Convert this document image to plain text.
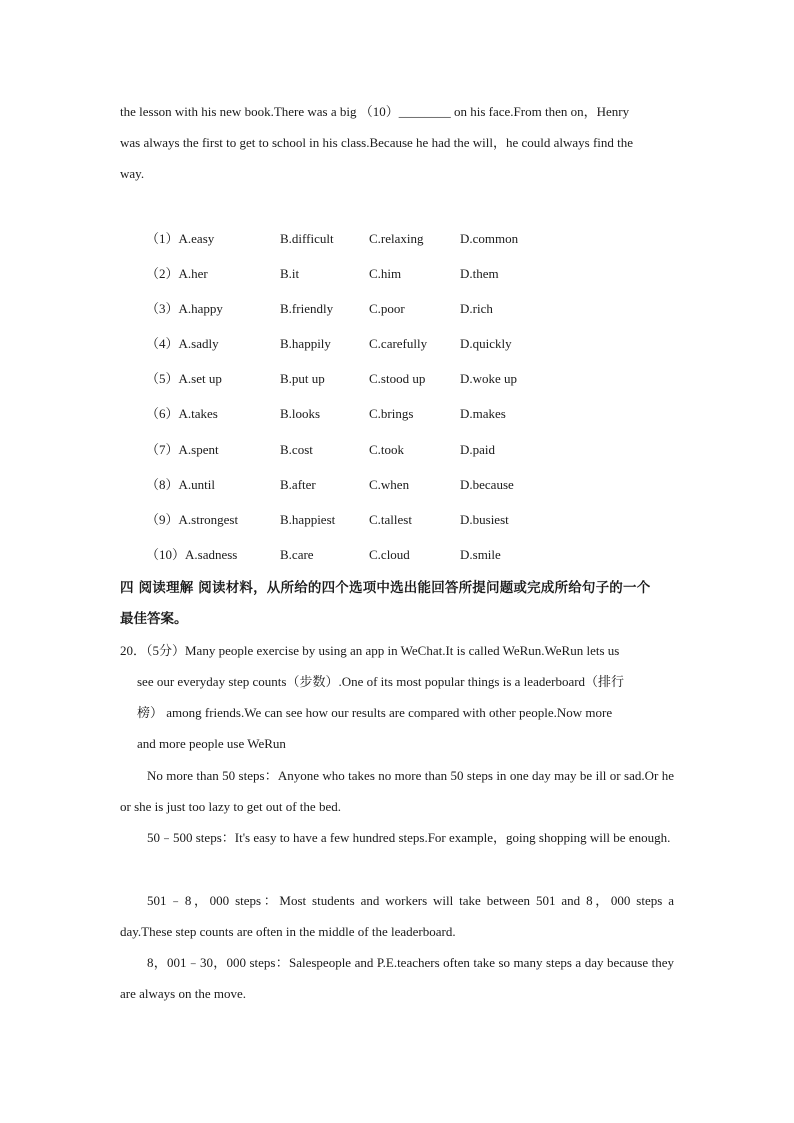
the lesson with his new book.There was a big （10）________ on his face.From then on，Henry
was always the first to get to school in his class.Because he had the will，he could always find the
way.
（1）A.easy	B.difficult	C.relaxing	D.common
（2）A.her	B.it	C.him	D.them
（3）A.happy	B.friendly	C.poor	D.rich
（4）A.sadly	B.happily	C.carefully	D.quickly
（5）A.set up	B.put up	C.stood up	D.woke up
（6）A.takes	B.looks	C.brings	D.makes
（7）A.spent	B.cost	C.took	D.paid
（8）A.until	B.after	C.when	D.because
（9）A.strongest	B.happiest	C.tallest	D.busiest
（10）A.sadness	B.care	C.cloud	D.smile
四 阅读理解 阅读材料，从所给的四个选项中选出能回答所提问题或完成所给句子的一个
最佳答案。
20．（5分）Many people exercise by using an app in WeChat.It is called WeRun.WeRun lets us
see our everyday step counts（步数）.One of its most popular things is a leaderboard（排行
榜） among friends.We can see how our results are compared with other people.Now more
and more people use WeRun
No more than 50 steps：Anyone who takes no more than 50 steps in one day may be ill or sad.Or he or she is just too lazy to get out of the bed.
50﹣500 steps：It's easy to have a few hundred steps.For example，going shopping will be enough.
501﹣8，000 steps：Most students and workers will take between 501 and 8，000 steps a day.These step counts are often in the middle of the leaderboard.
8，001﹣30，000 steps：Salespeople and P.E.teachers often take so many steps a day because they are always on the move.
